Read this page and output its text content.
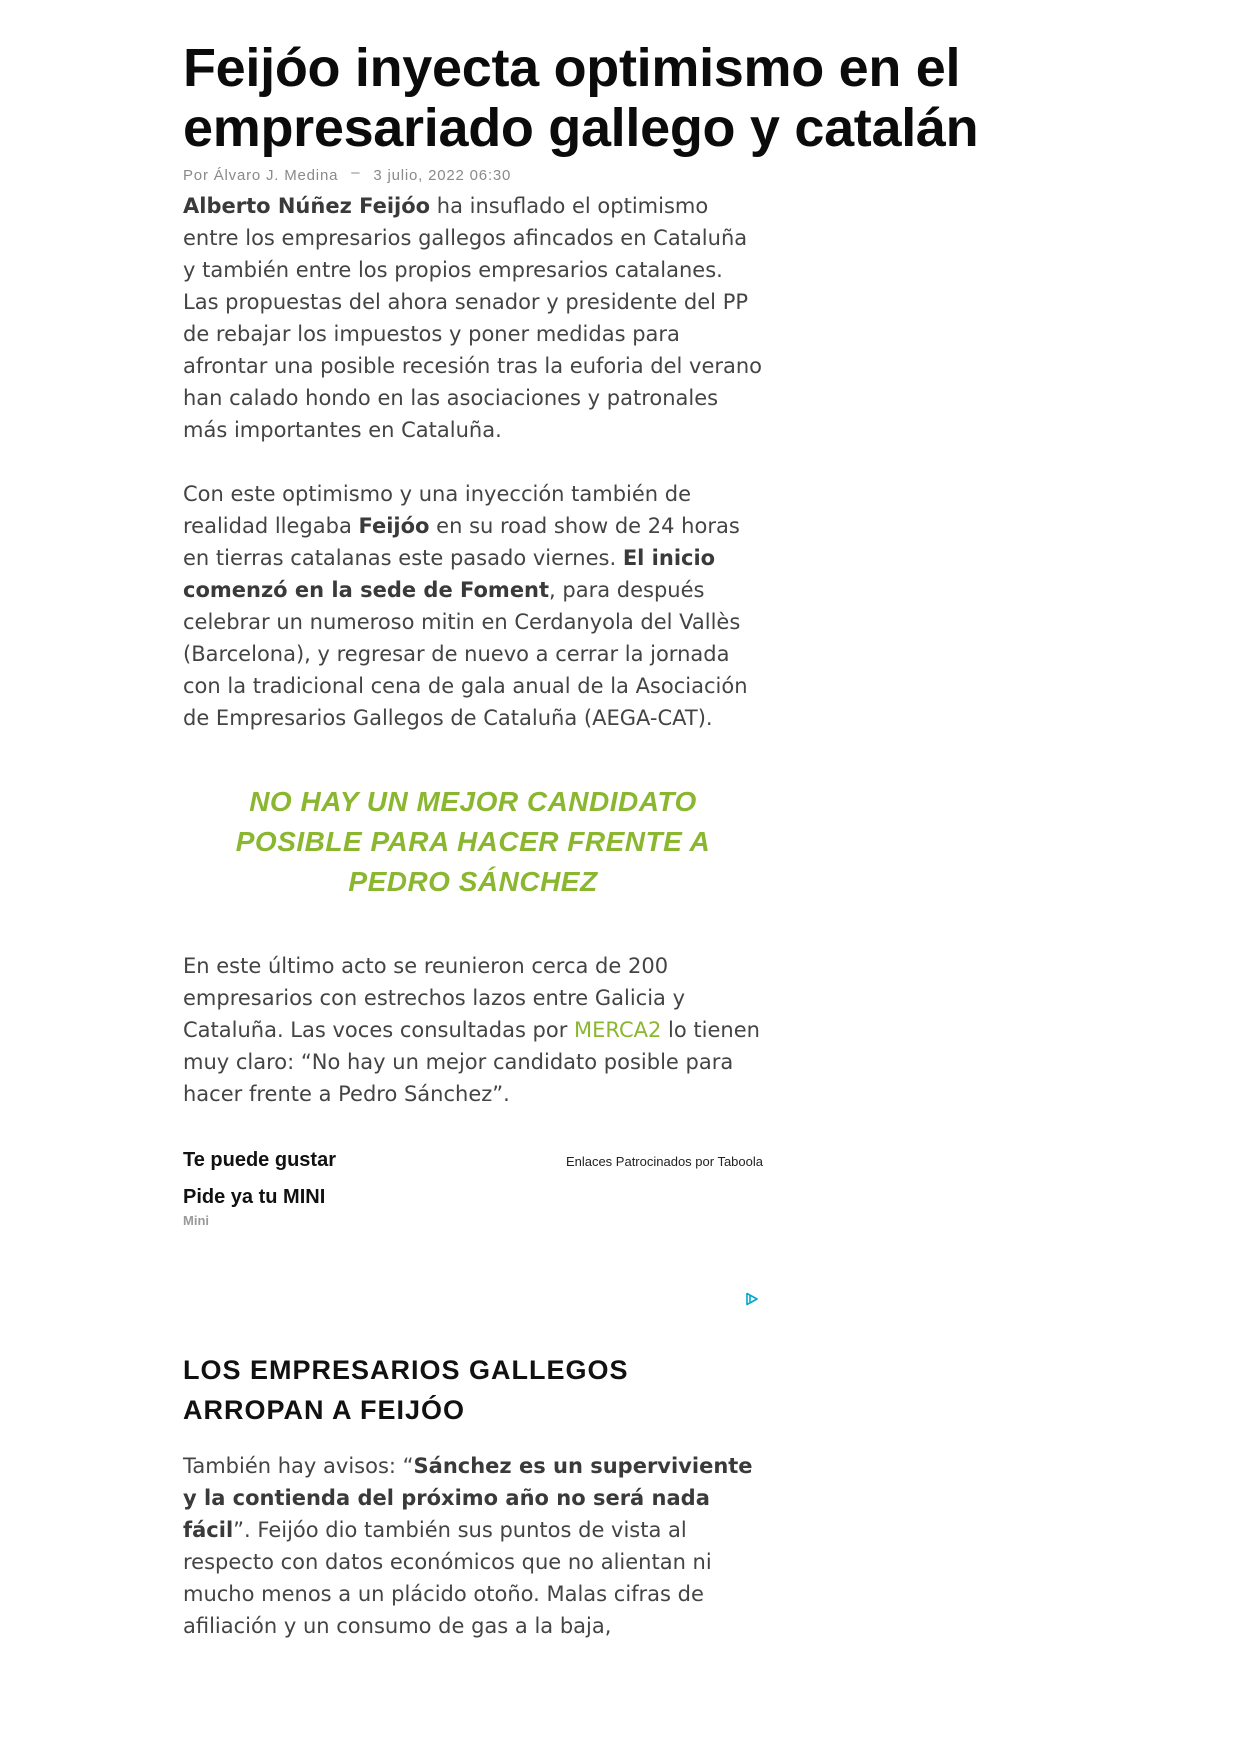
Feijóo inyecta optimismo en el empresariado gallego y catalán
Por Álvaro J. Medina – 3 julio, 2022 06:30

Alberto Núñez Feijóo ha insuflado el optimismo entre los empresarios gallegos afincados en Cataluña y también entre los propios empresarios catalanes. Las propuestas del ahora senador y presidente del PP de rebajar los impuestos y poner medidas para afrontar una posible recesión tras la euforia del verano han calado hondo en las asociaciones y patronales más importantes en Cataluña.

Con este optimismo y una inyección también de realidad llegaba Feijóo en su road show de 24 horas en tierras catalanas este pasado viernes. El inicio comenzó en la sede de Foment, para después celebrar un numeroso mitin en Cerdanyola del Vallès (Barcelona), y regresar de nuevo a cerrar la jornada con la tradicional cena de gala anual de la Asociación de Empresarios Gallegos de Cataluña (AEGA-CAT).

NO HAY UN MEJOR CANDIDATO POSIBLE PARA HACER FRENTE A PEDRO SÁNCHEZ

En este último acto se reunieron cerca de 200 empresarios con estrechos lazos entre Galicia y Cataluña. Las voces consultadas por MERCA2 lo tienen muy claro: “No hay un mejor candidato posible para hacer frente a Pedro Sánchez”.

Te puede gustar	Enlaces Patrocinados por Taboola
Pide ya tu MINI
Mini
LOS EMPRESARIOS GALLEGOS ARROPAN A FEIJÓO

También hay avisos: “Sánchez es un superviviente y la contienda del próximo año no será nada fácil”. Feijóo dio también sus puntos de vista al respecto con datos económicos que no alientan ni mucho menos a un plácido otoño. Malas cifras de afiliación y un consumo de gas a la baja,
